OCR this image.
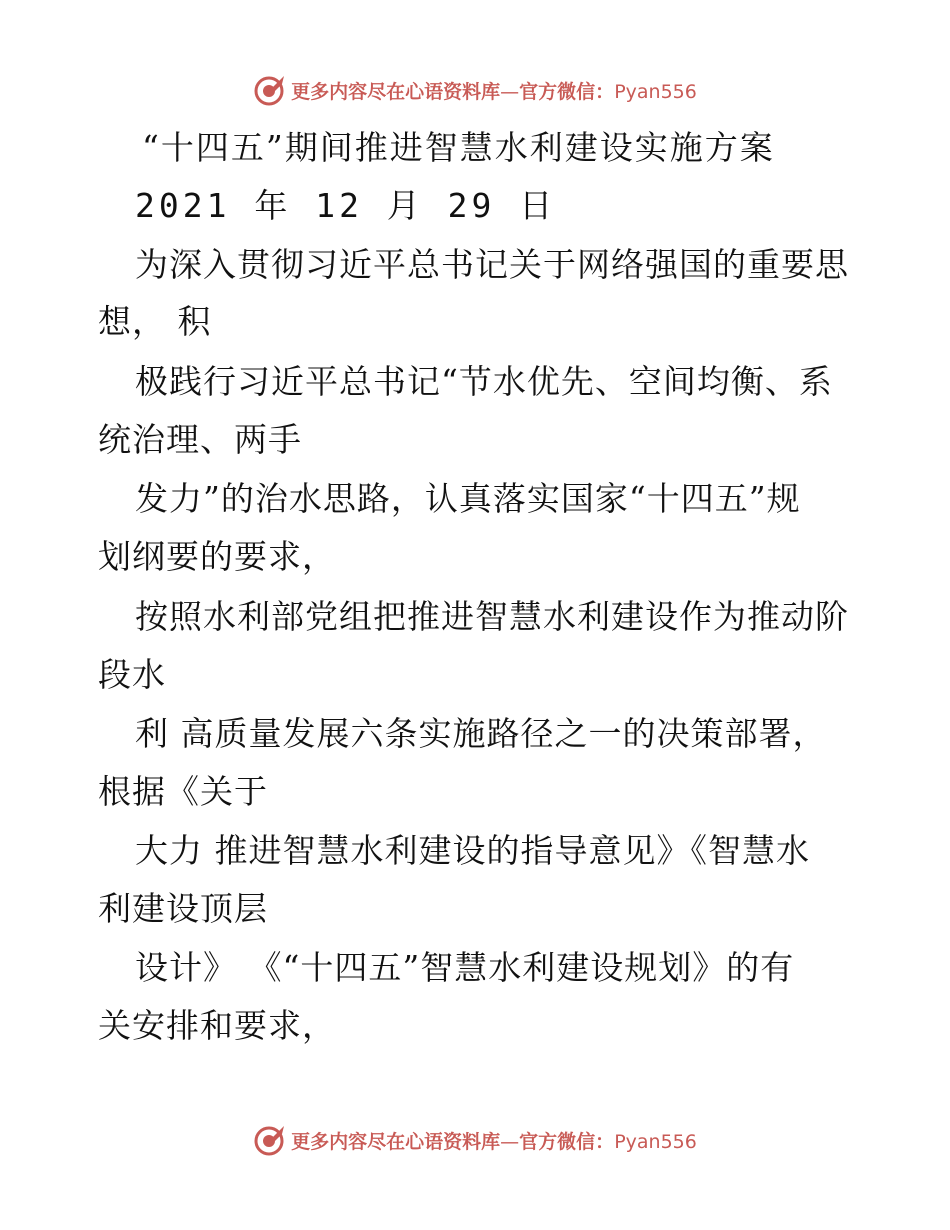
更多内容尽在心语资料库—官方微信：Pyan556
“十四五”期间推进智慧水利建设实施方案
2021 年 12 月 29 日
为深入贯彻习近平总书记关于网络强国的重要思
想， 积
极践行习近平总书记“节水优先、空间均衡、系
统治理、两手
发力”的治水思路，认真落实国家“十四五”规
划纲要的要求，
按照水利部党组把推进智慧水利建设作为推动阶
段水
利 高质量发展六条实施路径之一的决策部署，
根据《关于
大力 推进智慧水利建设的指导意见》《智慧水
利建设顶层
设计》 《“十四五”智慧水利建设规划》的有
关安排和要求，
更多内容尽在心语资料库—官方微信：Pyan556
